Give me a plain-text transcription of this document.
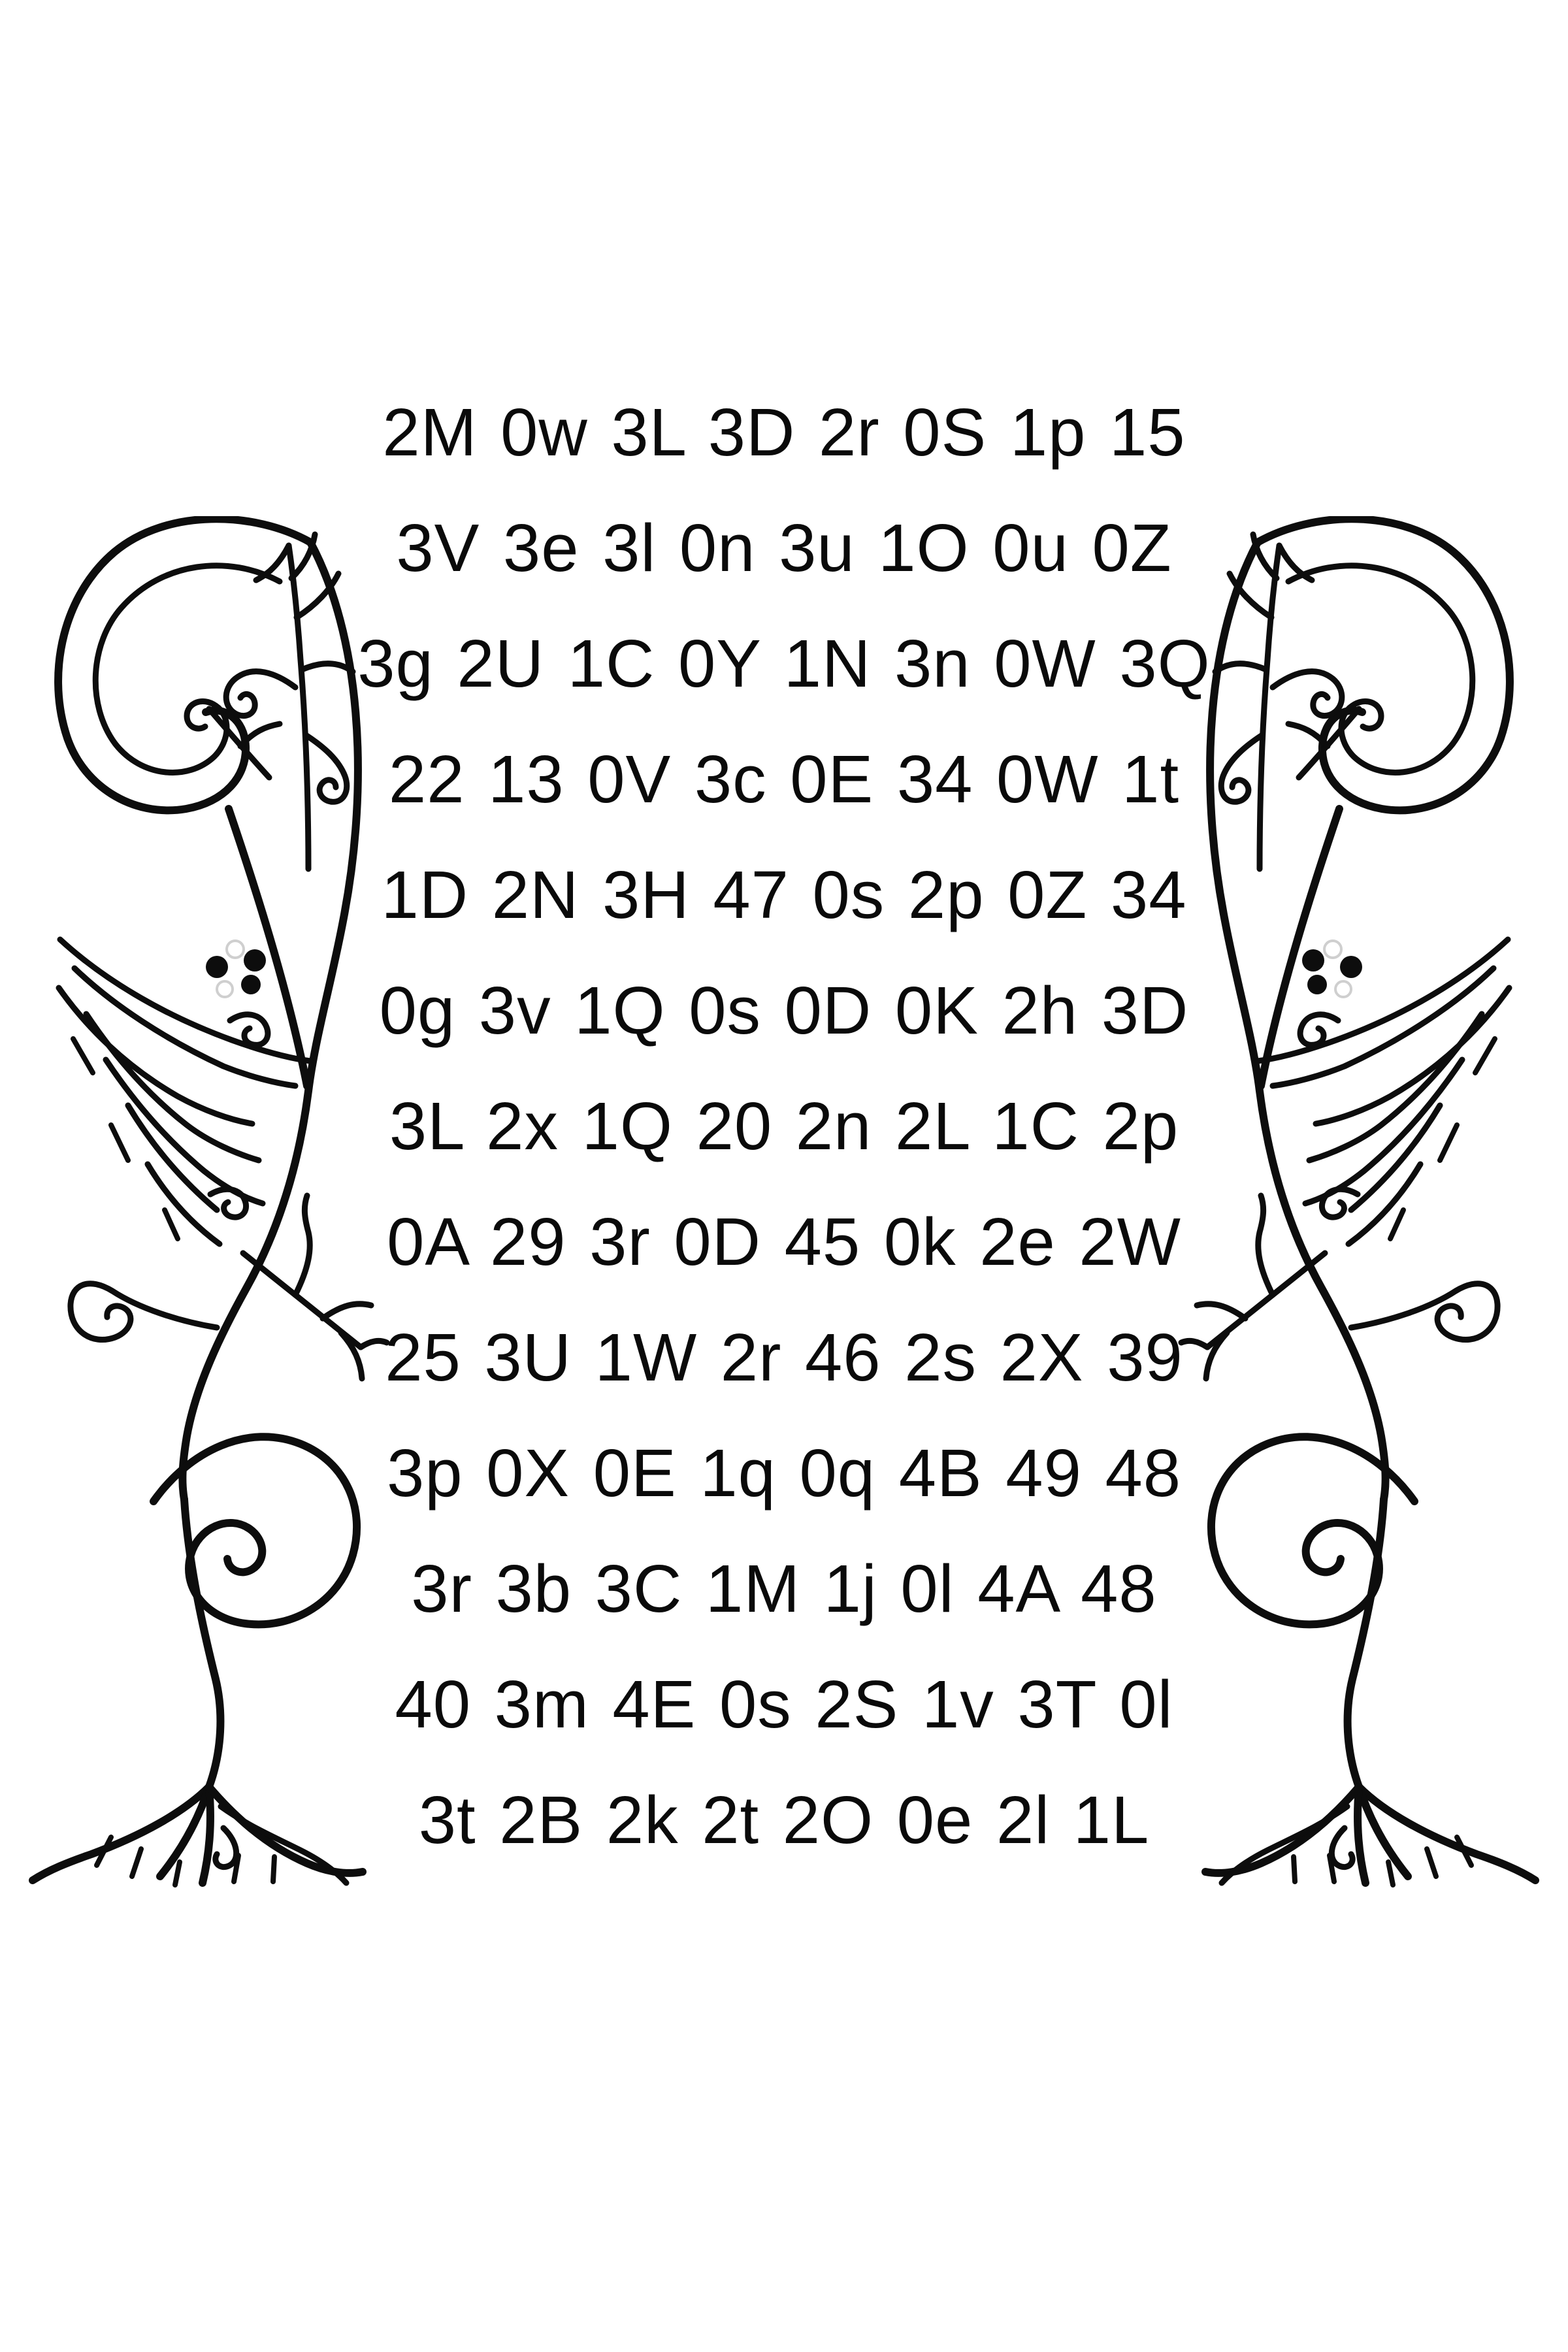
2M 0w 3L 3D 2r 0S 1p 15
3V 3e 3l 0n 3u 1O 0u 0Z
3g 2U 1C 0Y 1N 3n 0W 3Q
22 13 0V 3c 0E 34 0W 1t
1D 2N 3H 47 0s 2p 0Z 34
0g 3v 1Q 0s 0D 0K 2h 3D
3L 2x 1Q 20 2n 2L 1C 2p
0A 29 3r 0D 45 0k 2e 2W
25 3U 1W 2r 46 2s 2X 39
3p 0X 0E 1q 0q 4B 49 48
3r 3b 3C 1M 1j 0l 4A 48
40 3m 4E 0s 2S 1v 3T 0l
3t 2B 2k 2t 2O 0e 2l 1L
